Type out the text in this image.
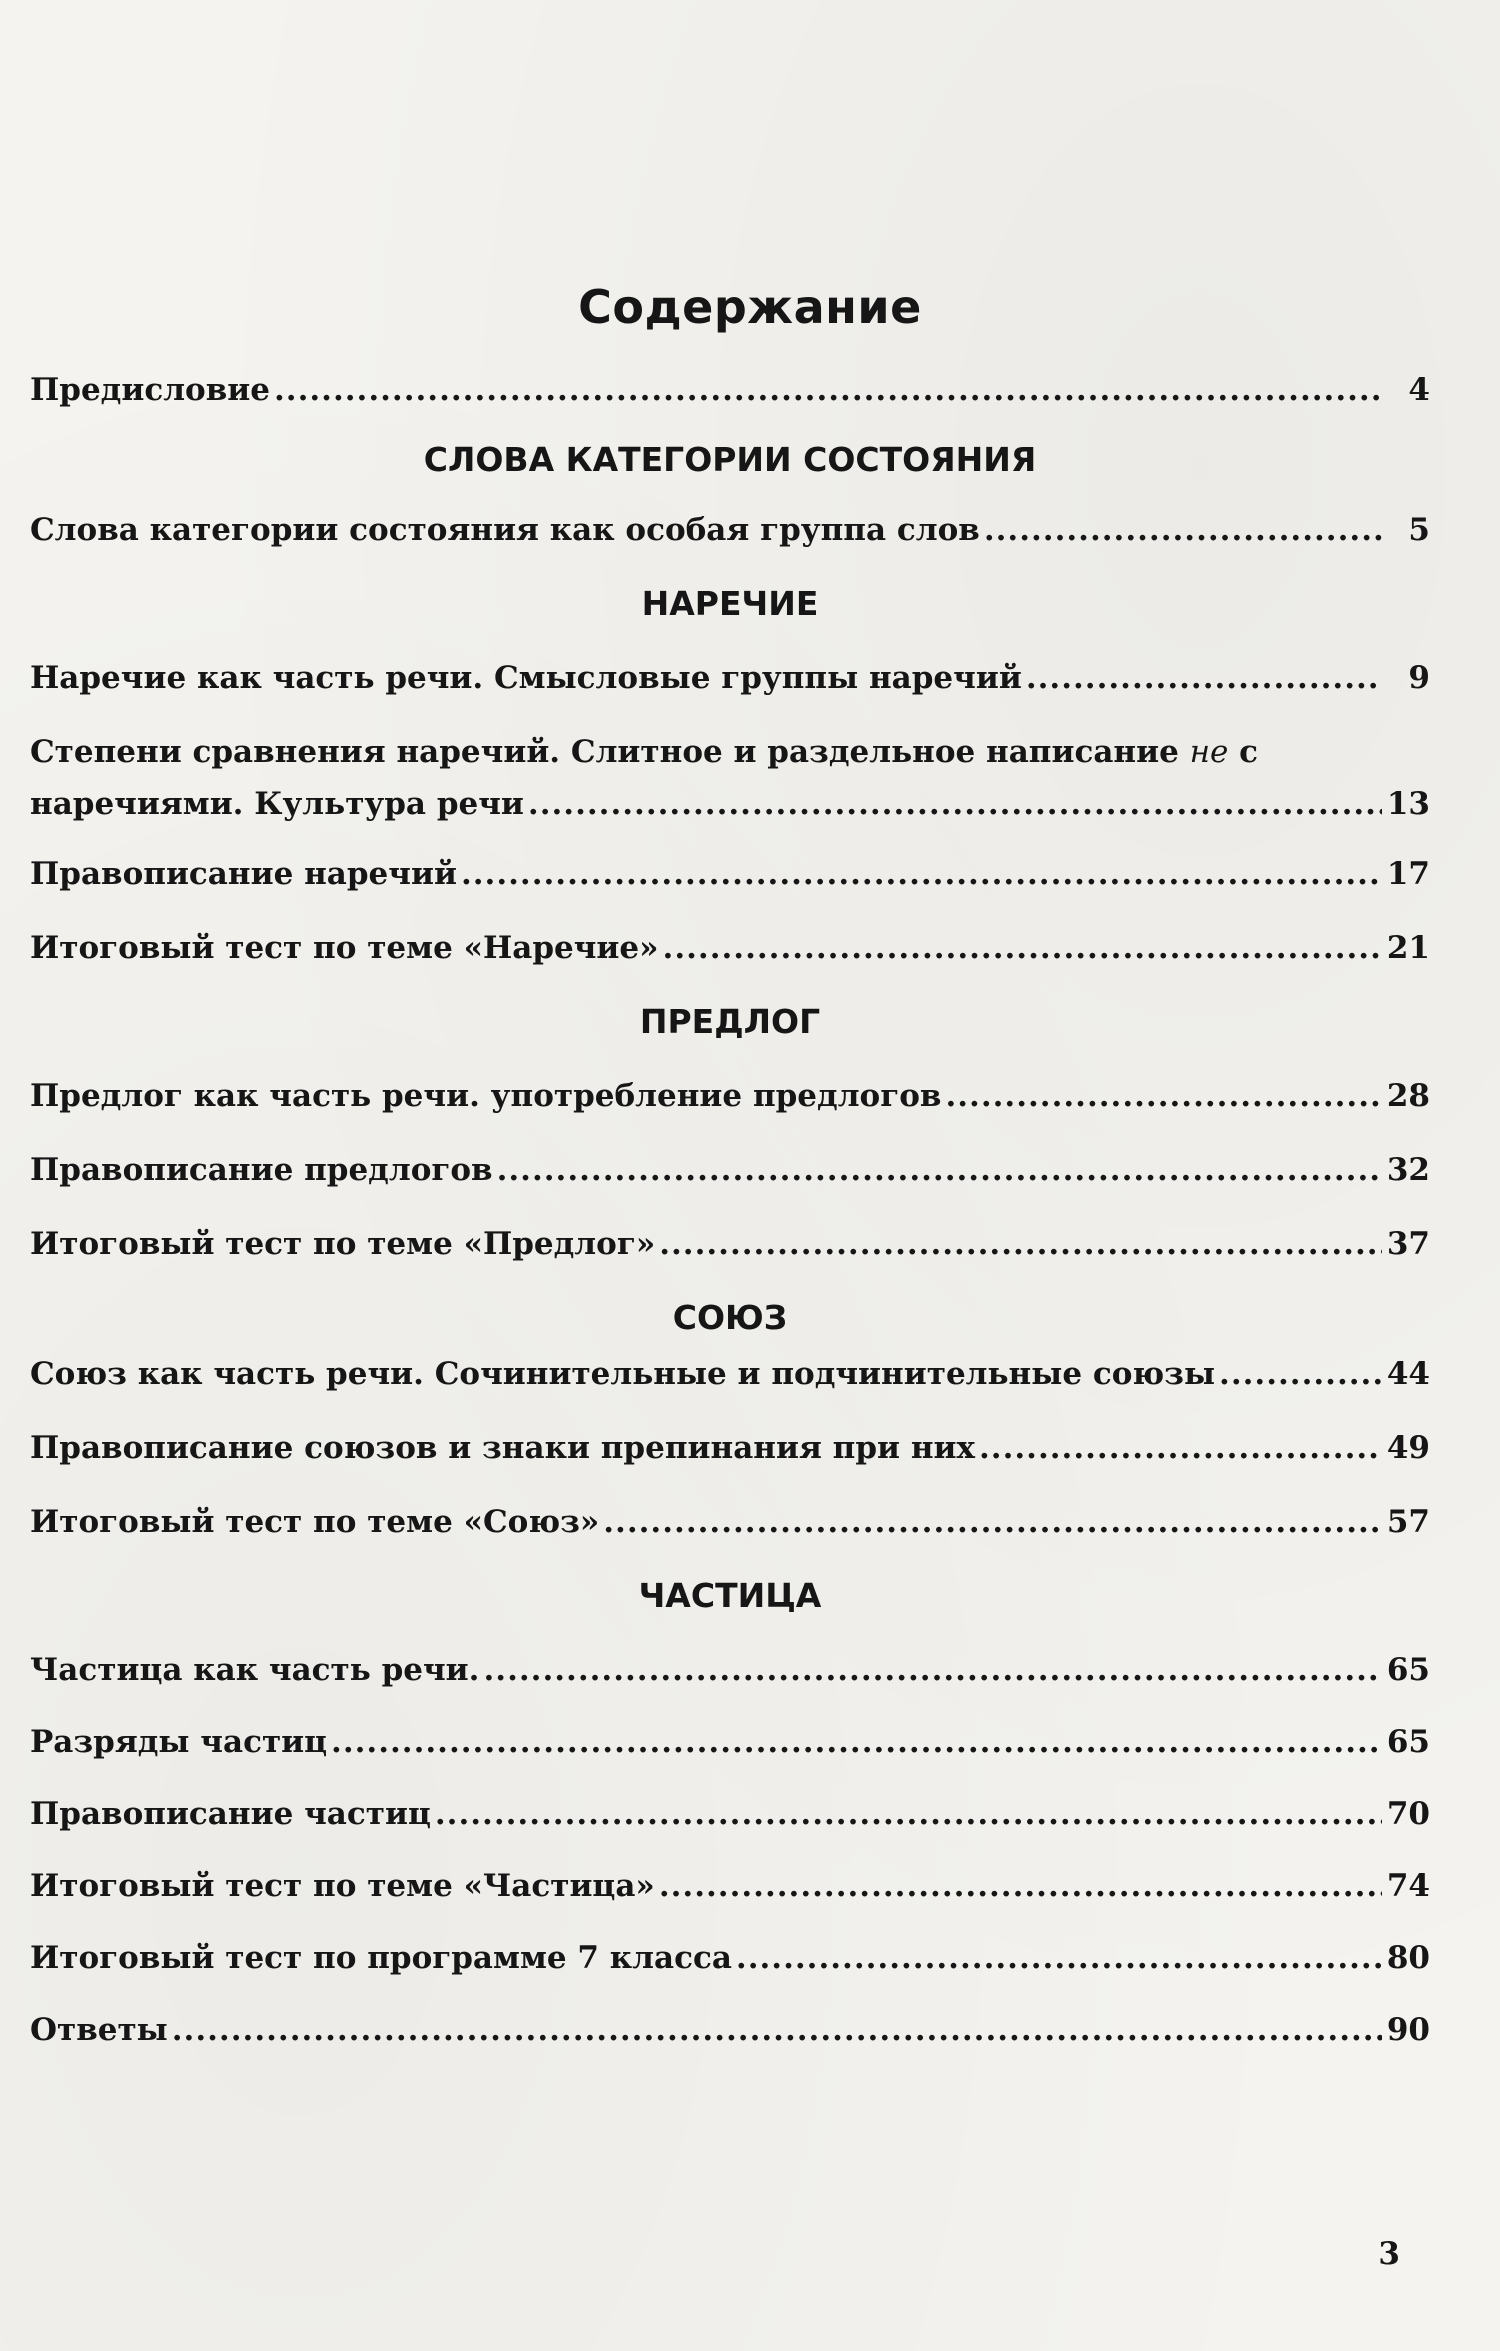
Содержание
Предисловие .....	4
СЛОВА КАТЕГОРИИ СОСТОЯНИЯ
Слова категории состояния как особая группа слов .....	5
НАРЕЧИЕ
Наречие как часть речи. Смысловые группы наречий .....	9
Степени сравнения наречий. Слитное и раздельное написание не с
наречиями. Культура речи .....	13
Правописание наречий .....	17
Итоговый тест по теме «Наречие» .....	21
ПРЕДЛОГ
Предлог как часть речи. употребление предлогов .....	28
Правописание предлогов .....	32
Итоговый тест по теме «Предлог» .....	37
СОЮЗ
Союз как часть речи. Сочинительные и подчинительные союзы .....	44
Правописание союзов и знаки препинания при них .....	49
Итоговый тест по теме «Союз» .....	57
ЧАСТИЦА
Частица как часть речи. .....	65
Разряды частиц .....	65
Правописание частиц .....	70
Итоговый тест по теме «Частица» .....	74
Итоговый тест по программе 7 класса .....	80
Ответы .....	90
3
